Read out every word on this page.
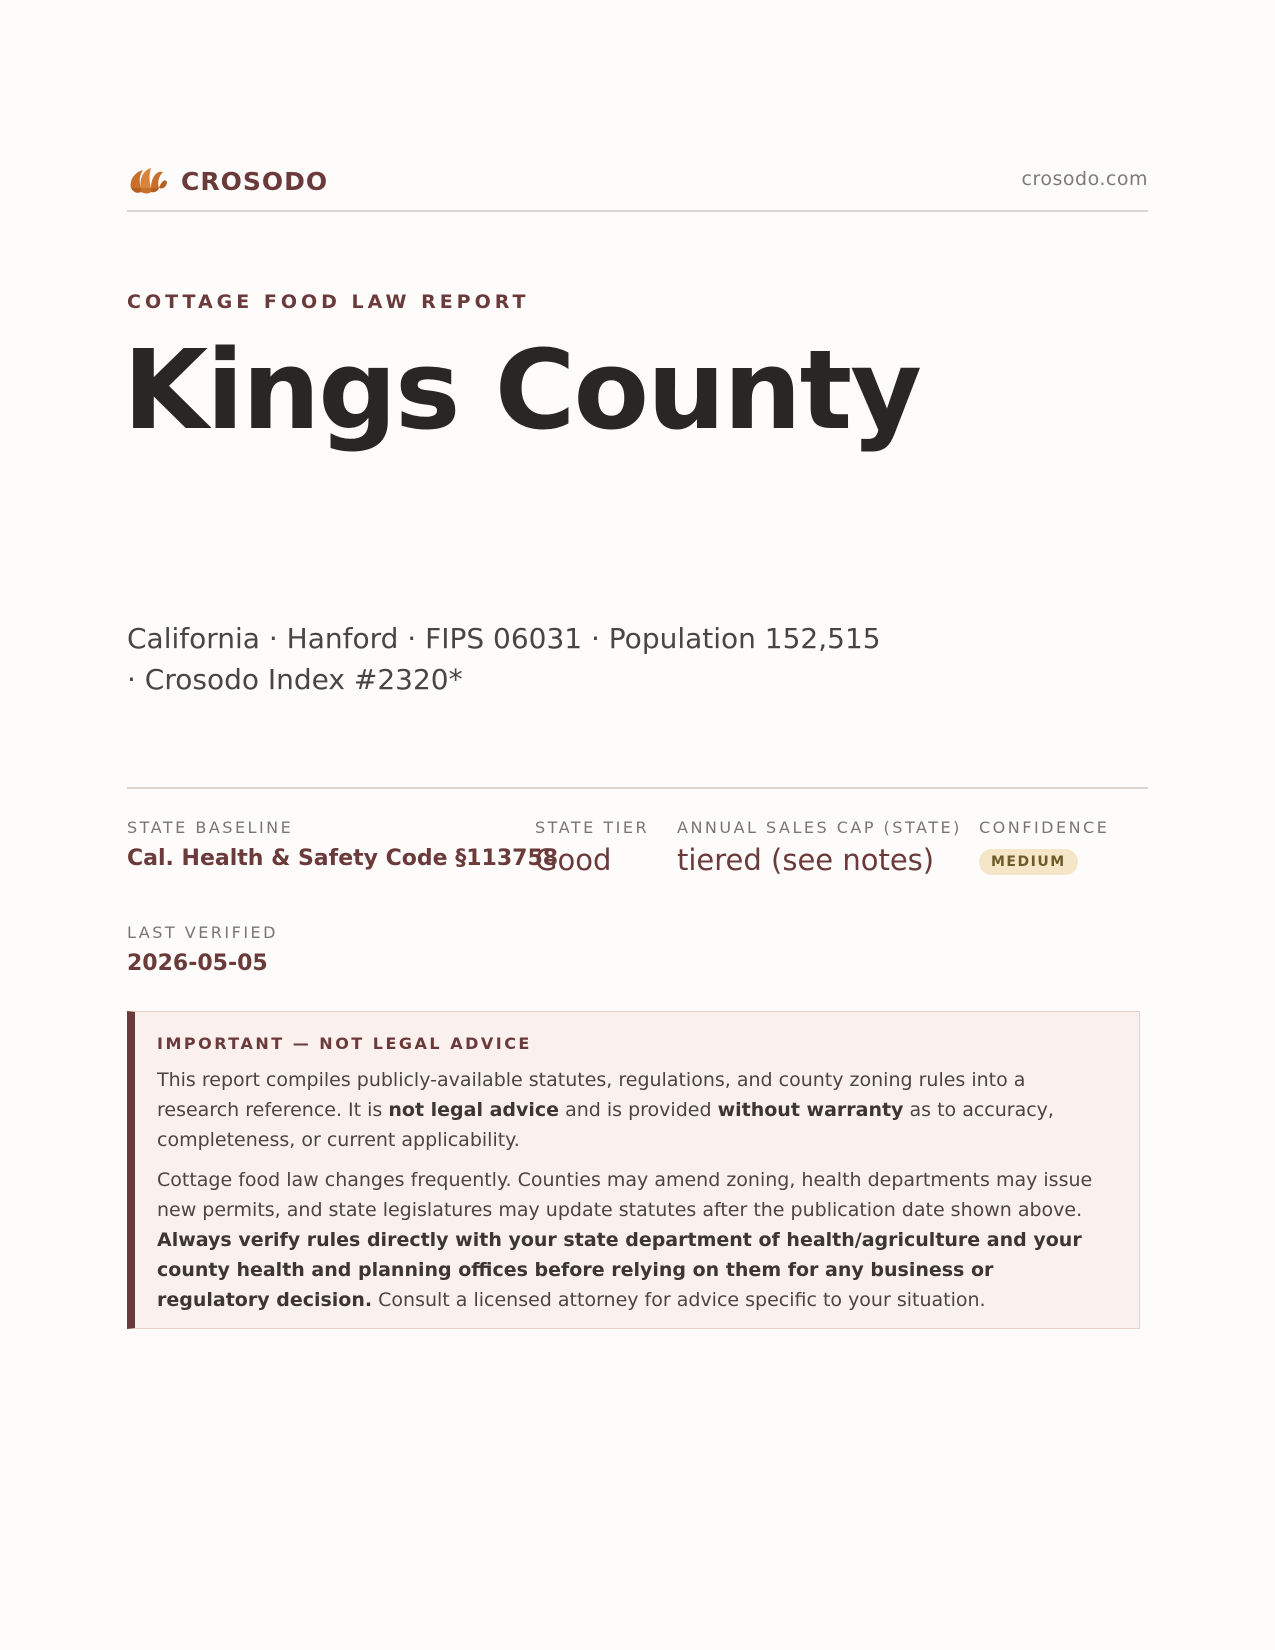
CROSODO	crosodo.com
COTTAGE FOOD LAW REPORT
Kings County
California · Hanford · FIPS 06031 · Population 152,515 · Crosodo Index #2320*
STATE BASELINE
Cal. Health & Safety Code §113758
STATE TIER
Good
ANNUAL SALES CAP (STATE)
tiered (see notes)
CONFIDENCE
MEDIUM
LAST VERIFIED
2026-05-05
IMPORTANT — NOT LEGAL ADVICE

This report compiles publicly-available statutes, regulations, and county zoning rules into a research reference. It is not legal advice and is provided without warranty as to accuracy, completeness, or current applicability.

Cottage food law changes frequently. Counties may amend zoning, health departments may issue new permits, and state legislatures may update statutes after the publication date shown above. Always verify rules directly with your state department of health/agriculture and your county health and planning offices before relying on them for any business or regulatory decision. Consult a licensed attorney for advice specific to your situation.
